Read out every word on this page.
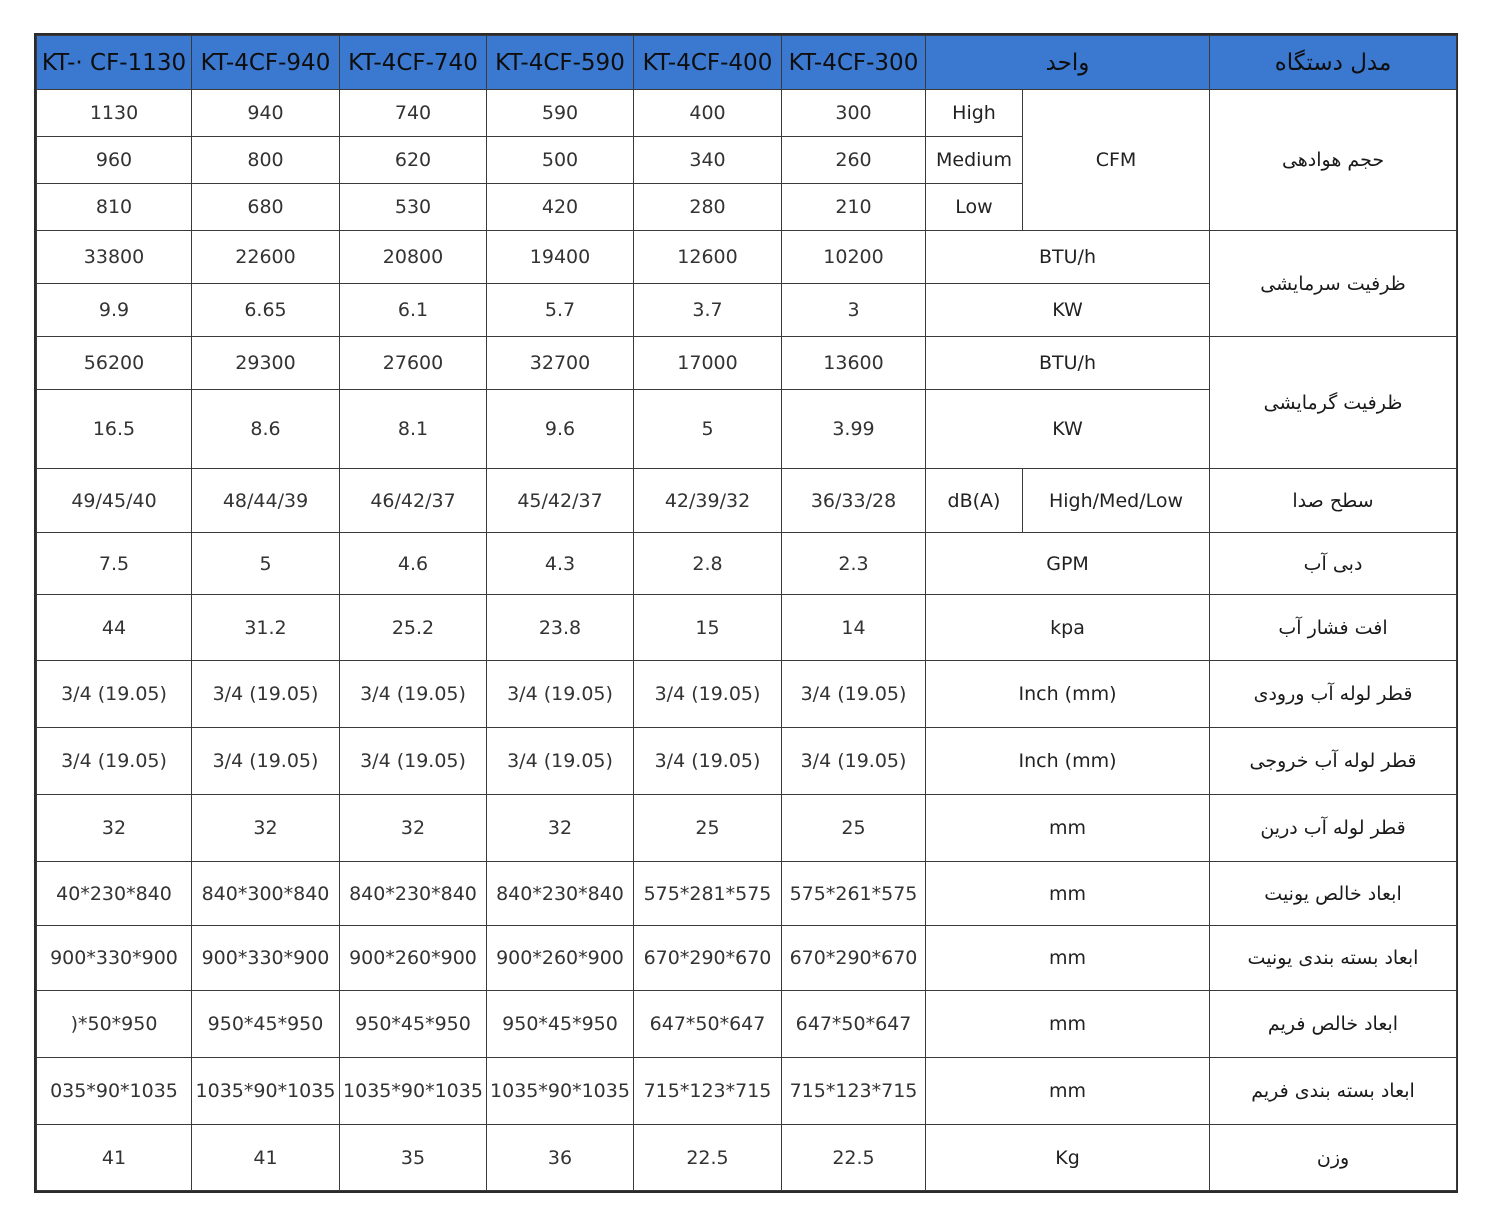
KT-· CF-1130	KT-4CF-940	KT-4CF-740	KT-4CF-590	KT-4CF-400	KT-4CF-300	واحد		مدل دستگاه
1130	940	740	590	400	300	High	CFM	حجم هوادهی
960	800	620	500	340	260	Medium		
810	680	530	420	280	210	Low		
33800	22600	20800	19400	12600	10200	BTU/h		ظرفیت سرمایشی
9.9	6.65	6.1	5.7	3.7	3	KW		
56200	29300	27600	32700	17000	13600	BTU/h		ظرفیت گرمایشی
16.5	8.6	8.1	9.6	5	3.99	KW		
49/45/40	48/44/39	46/42/37	45/42/37	42/39/32	36/33/28	dB(A)	High/Med/Low	سطح صدا
7.5	5	4.6	4.3	2.8	2.3	GPM		دبی آب
44	31.2	25.2	23.8	15	14	kpa		افت فشار آب
3/4 (19.05)	3/4 (19.05)	3/4 (19.05)	3/4 (19.05)	3/4 (19.05)	3/4 (19.05)	Inch (mm)		قطر لوله آب ورودی
3/4 (19.05)	3/4 (19.05)	3/4 (19.05)	3/4 (19.05)	3/4 (19.05)	3/4 (19.05)	Inch (mm)		قطر لوله آب خروجی
32	32	32	32	25	25	mm		قطر لوله آب درین
40*230*840	840*300*840	840*230*840	840*230*840	575*281*575	575*261*575	mm		ابعاد خالص یونیت
900*330*900	900*330*900	900*260*900	900*260*900	670*290*670	670*290*670	mm		ابعاد بسته بندی یونیت
)*50*950	950*45*950	950*45*950	950*45*950	647*50*647	647*50*647	mm		ابعاد خالص فریم
035*90*1035	1035*90*1035	1035*90*1035	1035*90*1035	715*123*715	715*123*715	mm		ابعاد بسته بندی فریم
41	41	35	36	22.5	22.5	Kg		وزن
